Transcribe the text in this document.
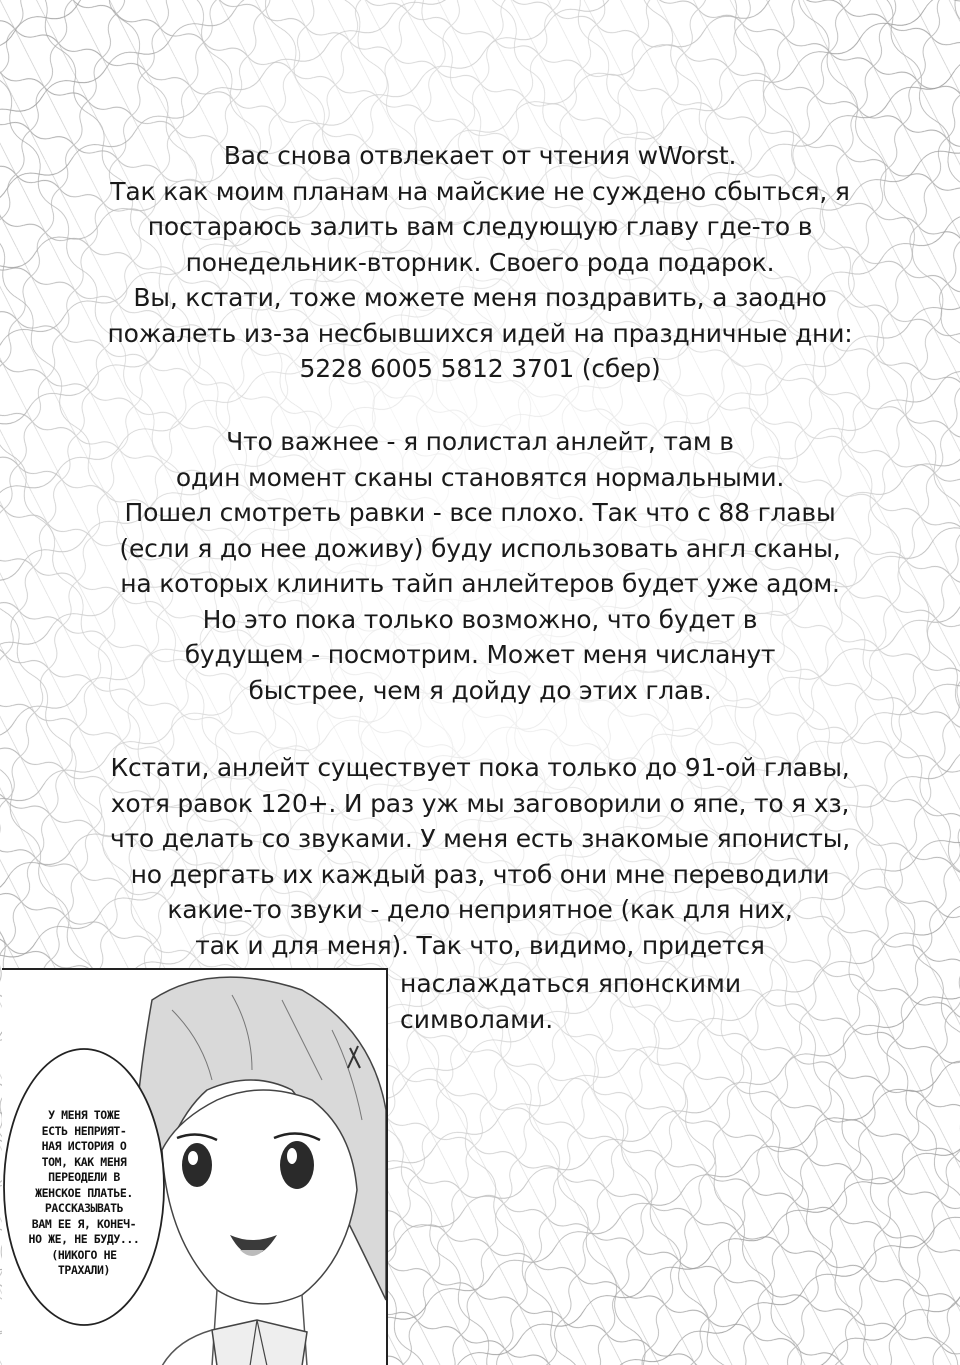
Вас снова отвлекает от чтения wWorst.
Так как моим планам на майские не суждено сбыться, я
постараюсь залить вам следующую главу где-то в
понедельник-вторник. Своего рода подарок.
Вы, кстати, тоже можете меня поздравить, а заодно
пожалеть из-за несбывшихся идей на праздничные дни:
5228 6005 5812 3701 (сбер)
Что важнее - я полистал анлейт, там в
один момент сканы становятся нормальными.
Пошел смотреть равки - все плохо. Так что с 88 главы
(если я до нее доживу) буду использовать англ сканы,
на которых клинить тайп анлейтеров будет уже адом.
Но это пока только возможно, что будет в
будущем - посмотрим. Может меня числанут
быстрее, чем я дойду до этих глав.
Кстати, анлейт существует пока только до 91-ой главы,
хотя равок 120+. И раз уж мы заговорили о япе, то я хз,
что делать со звуками. У меня есть знакомые японисты,
но дергать их каждый раз, чтоб они мне переводили
какие-то звуки - дело неприятное (как для них,
так и для меня). Так что, видимо, придется
наслаждаться японскими
символами.
У МЕНЯ ТОЖЕ
ЕСТЬ НЕПРИЯТ-
НАЯ ИСТОРИЯ О
ТОМ, КАК МЕНЯ
ПЕРЕОДЕЛИ В
ЖЕНСКОЕ ПЛАТЬЕ.
РАССКАЗЫВАТЬ
ВАМ ЕЕ Я, КОНЕЧ-
НО ЖЕ, НЕ БУДУ...
(НИКОГО НЕ
ТРАХАЛИ)
